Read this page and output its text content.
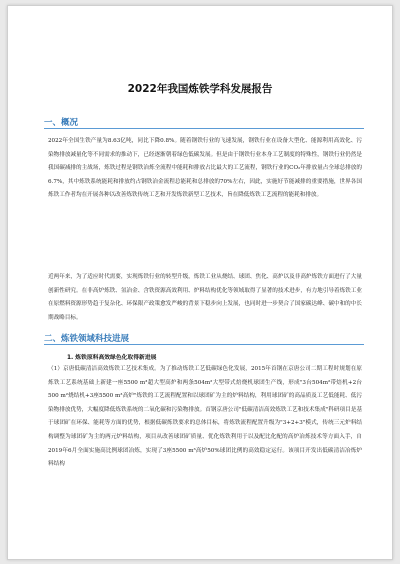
2022年我国炼铁学科发展报告
一、概况

2022年全国生铁产量为8.63亿吨，同比下降0.8%。随着钢铁行业的飞速发展，钢铁行业在设备大型化、能源利用高效化、污染物排放减量化等不同需求的推动下，已经逐渐朝着绿色低碳发展。但是由于钢铁行业本身工艺制度的特殊性，钢铁行业仍然是我国碳减排的主战场，炼铁过程是钢铁冶炼全流程中能耗和排放占比最大的工艺流程，钢铁行业的CO₂年排放量占全球总排放的6.7%，其中炼铁系统能耗和排放约占钢铁冶金流程总能耗和总排放的70%左右，因此，实施好节能减排的重要措施，世界各国炼铁工作者均在开展各种以改善炼铁传统工艺和开发炼铁新型工艺技术，旨在降低炼铁工艺流程的能耗和排放。

近两年来，为了适应时代需要，实现炼铁行业的转型升级，炼铁工业从烧结、球团、焦化、高炉以及非高炉炼铁方面进行了大量创新性研究。在非高炉炼铁、氢冶金、含铁资源高效利用、炉料结构优化等领域取得了显著的技术进步，有力地引导着炼铁工业在原燃料资源形势趋于复杂化、环保限产政策愈发严峻的背景下稳步向上发展，也同时进一步契合了国家碳达峰、碳中和的中长期战略目标。

二、炼铁领域科技进展
1. 炼铁原料高效绿色化取得新进展

（1）京唐低碳清洁高效炼铁工艺技术集成。为了推动炼铁工艺低碳绿色化发展，2015年首钢在京唐公司二期工程时规划在原炼铁工艺系统基础上新建一座5500 m³超大型高炉和两条504m²大型带式焙烧机球团生产线，形成"3台504m²带焙机+2台500 m²烧结机+3座5500 m³高炉"炼铁的工艺流程配置和以球团矿为主的炉料结构，利用球团矿的高品质及工艺低能耗、低污染物排放优势，大幅度降低炼铁系统的二氧化碳和污染物排放。首钢京唐公司"低碳清洁高效炼铁工艺和技术集成"科研项目是基于球团矿在环保、能耗等方面的优势，根据低碳炼铁要求的总体目标，将炼铁流程配置升级为"3+2+3"模式，传统三元炉料结构调整为球团矿为主的两元炉料结构，项目从改善球团矿质量、优化炼铁利用于以及配比化配的高炉冶炼技术等方面入手，自2019年6月全面实施高比例球团冶炼，实现了3座5500 m³高炉50%球团比例的高效稳定运行。该项目开发出低碳清洁冶炼炉料结构
